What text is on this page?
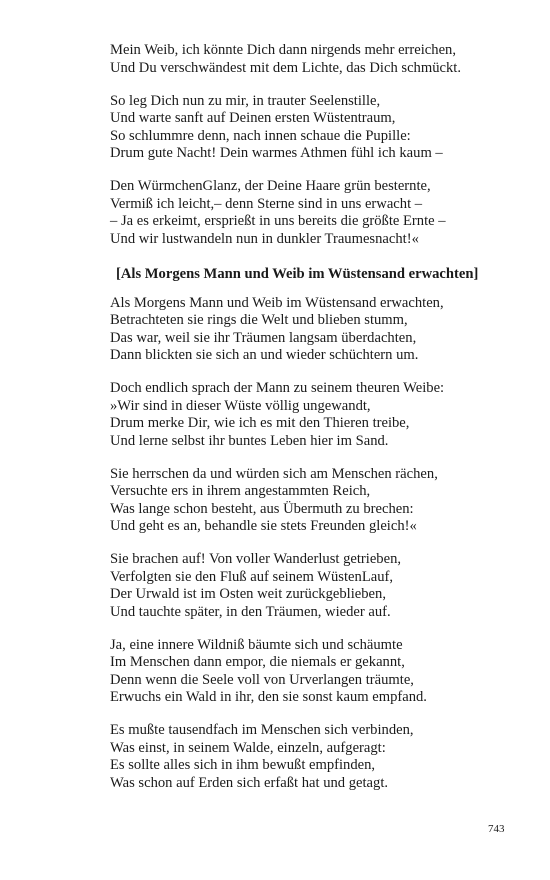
Mein Weib, ich könnte Dich dann nirgends mehr erreichen,
Und Du verschwändest mit dem Lichte, das Dich schmückt.
So leg Dich nun zu mir, in trauter Seelenstille,
Und warte sanft auf Deinen ersten Wüstentraum,
So schlummre denn, nach innen schaue die Pupille:
Drum gute Nacht! Dein warmes Athmen fühl ich kaum –
Den WürmchenGlanz, der Deine Haare grün besternte,
Vermiß ich leicht,– denn Sterne sind in uns erwacht –
– Ja es erkeimt, ersprießt in uns bereits die größte Ernte –
Und wir lustwandeln nun in dunkler Traumesnacht!«
[Als Morgens Mann und Weib im Wüstensand erwachten]
Als Morgens Mann und Weib im Wüstensand erwachten,
Betrachteten sie rings die Welt und blieben stumm,
Das war, weil sie ihr Träumen langsam überdachten,
Dann blickten sie sich an und wieder schüchtern um.
Doch endlich sprach der Mann zu seinem theuren Weibe:
»Wir sind in dieser Wüste völlig ungewandt,
Drum merke Dir, wie ich es mit den Thieren treibe,
Und lerne selbst ihr buntes Leben hier im Sand.
Sie herrschen da und würden sich am Menschen rächen,
Versuchte ers in ihrem angestammten Reich,
Was lange schon besteht, aus Übermuth zu brechen:
Und geht es an, behandle sie stets Freunden gleich!«
Sie brachen auf! Von voller Wanderlust getrieben,
Verfolgten sie den Fluß auf seinem WüstenLauf,
Der Urwald ist im Osten weit zurückgeblieben,
Und tauchte später, in den Träumen, wieder auf.
Ja, eine innere Wildniß bäumte sich und schäumte
Im Menschen dann empor, die niemals er gekannt,
Denn wenn die Seele voll von Urverlangen träumte,
Erwuchs ein Wald in ihr, den sie sonst kaum empfand.
Es mußte tausendfach im Menschen sich verbinden,
Was einst, in seinem Walde, einzeln, aufgeragt:
Es sollte alles sich in ihm bewußt empfinden,
Was schon auf Erden sich erfaßt hat und getagt.
743
